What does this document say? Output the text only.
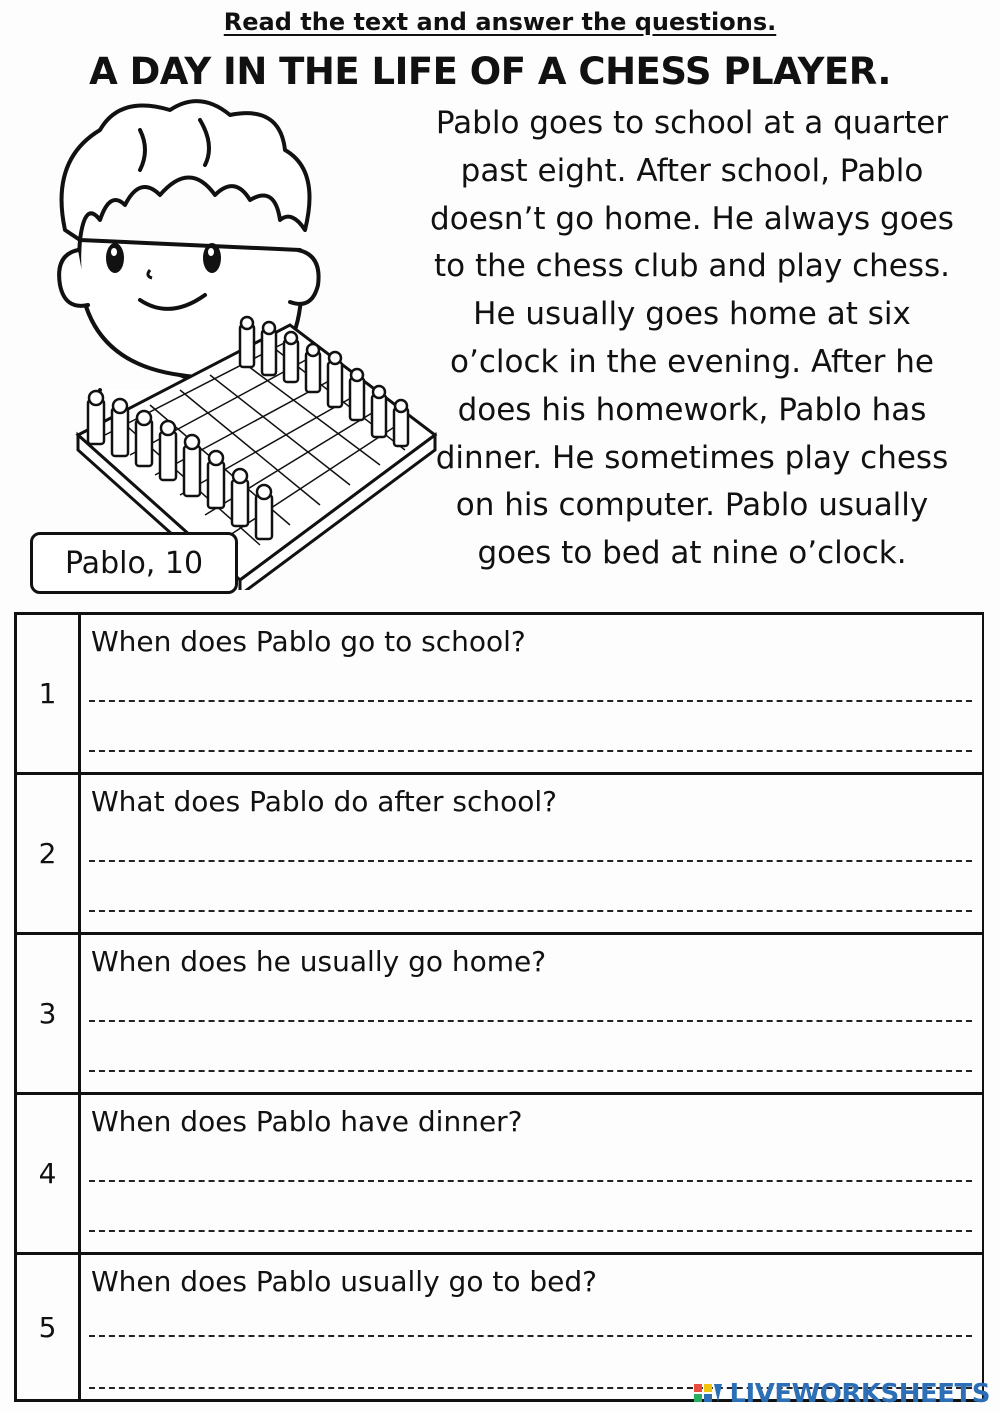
Read the text and answer the questions.
A DAY IN THE LIFE OF A CHESS PLAYER.
Pablo, 10
Pablo goes to school at a quarter
past eight. After school, Pablo
doesn’t go home. He always goes
to the chess club and play chess.
He usually goes home at six
o’clock in the evening. After he
does his homework, Pablo has
dinner. He sometimes play chess
on his computer. Pablo usually
goes to bed at nine o’clock.
1
When does Pablo go to school?
2
What does Pablo do after school?
3
When does he usually go home?
4
When does Pablo have dinner?
5
When does Pablo usually go to bed?
LIVEWORKSHEETS
